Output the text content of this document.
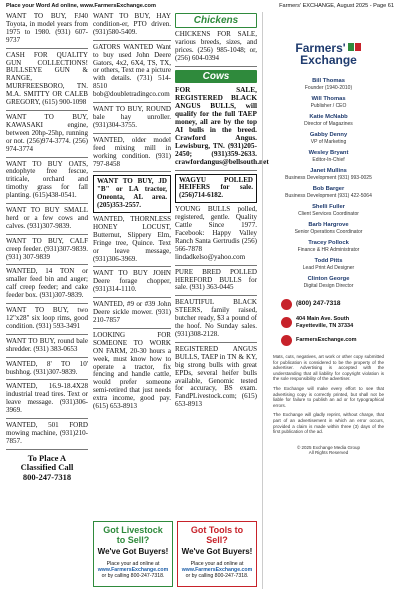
Place your Word Ad online, www.FarmersExchange.com	Farmers' EXCHANGE, August 2025 - Page 61
WANT TO BUY, FJ40 Toyota, in model years from 1975 to 1980. (931) 607-9737
CASH FOR QUALITY GUN COLLECTIONS! BULLSEYE GUN & RANGE, MURFREESBORO, TN. M.A. SMITTY OR CALEB GREGORY, (615) 900-1098
WANT TO BUY, KAWASAKI engine, between 20hp-25hp, running or not. (256)974-3774. (256) 974-3774
WANT TO BUY OATS, endophyte free fescue, triticale, orchard and timothy grass for fall planting. (615)438-0541.
WANT TO BUY SMALL herd or a few cows and calves. (931)307-9839.
WANT TO BUY, CALF creep feeder. (931)307-9839. (931) 307-9839
WANTED, 14 TON or smaller feed bin and auger; calf creep feeder; and cake feeder box. (931)307-9839.
WANT TO BUY, two 12"x28" six loop rims, good condition. (931) 593-3491
WANT TO BUY, round bale shredder. (931) 383-0653
WANTED, 8' TO 10' bushhog. (931)307-9839.
WANTED, 16.9-18.4X28 industrial tread tires. Text or leave message. (931)306-3969.
WANTED, 501 FORD mowing machine, (931)210-7857.
To Place A
Classified Call
800-247-7318
WANT TO BUY, HAY condition-er, PTO driven. (931)580-5409.
GATORS WANTED Want to buy used John Deere Gators, 4x2, 6X4, TS, TX, or others, Text me a picture with details. (731) 514-8510 bob@doubletradingco.com
WANT TO BUY, ROUND bale hay unroller. (931)304-3755.
WANTED, older model feed mixing mill in working condition. (931) 797-8458
WANT TO BUY, JD "B" or LA tractor, Oneonta, AL area. (205)353-2557.
WANTED, THORNLESS HONEY LOCUST, Butternut, Slippery Elm, Fringe tree, Quince. Text or leave message, (931)306-3969.
WANT TO BUY JOHN Deere forage chopper, (931)314-1110.
WANTED, #9 or #39 John Deere sickle mower. (931) 210-7857
LOOKING FOR SOMEONE TO WORK ON FARM, 20-30 hours a week, must know how to operate a tractor, fix fencing and handle cattle, would prefer someone semi-retired that just needs extra income, good pay. (615) 653-8913
Chickens
CHICKENS FOR SALE, various breeds, sizes, and prices. (256) 985-1048; or, (256) 604-0394
Cows
FOR SALE, REGISTERED BLACK ANGUS BULLS, will qualify for the full TAEP money, all are by the top AI bulls in the breed. Crawford Angus. Lewisburg, TN. (931)205-2450; (931)359-2633. crawfordangus@bellsouth.net
WAGYU POLLED HEIFERS for sale. (256)714-6182.
YOUNG BULLS polled, registered, gentle. Quality Cattle Since 1977. Facebook: Happy Valley Ranch Santa Gertrudis (256) 566-7878 lindadkelso@yahoo.com
PURE BRED POLLED HEREFORD BULLS for sale. (931) 363-0445
BEAUTIFUL BLACK STEERS, family raised, butcher ready, $3 a pound of the hoof. No Sunday sales. (931)308-2128.
REGISTERED ANGUS BULLS, TAEP in TN & KY, big strong bulls with great EPDs, several heifer bulls available, Genomic tested for accuracy, BS exam. FandPLivestock.com; (615) 653-8913
Got Livestock
to Sell?
We've Got Buyers!
Place your ad online at
www.FarmersExchange.com
or by calling 800-247-7318.
Got Tools to Sell?
We've Got Buyers!
Place your ad online at
www.FarmersExchange.com
or by calling 800-247-7318.
Farmers'
Exchange
Bill Thomas
Founder (1940-2010)
Will Thomas
Publisher / CEO
Katie McNabb
Director of Magazines
Gabby Denny
VP of Marketing
Wesley Bryant
Editor-In-Chief
Janet Mullins
Business Development (931) 993-0025
Bob Barger
Business Development (931) 422-5064
Shelli Fuller
Client Services Coordinator
Barb Hargrove
Senior Operations Coordinator
Tracey Pollock
Finance & HR Administrator
Todd Pitts
Lead Print Ad Designer
Clinton George
Digital Design Director
(800) 247-7318
404 Main Ave. South
Fayetteville, TN 37334
FarmersExchange.com

Mats, cuts, negatives, art work or other copy submitted for publication is considered to be the property of the advertiser. Advertising is accepted with the understanding that all liability for copyright violation is the sole responsibility of the advertiser.

The Exchange will make every effort to see that advertising copy is correctly printed, but shall not be liable for failure to publish an ad or for typographical errors.

The Exchange will gladly reprint, without charge, that part of an advertisement in which an error occurs, provided a claim is made within three (3) days of the first publication of the ad.

© 2025 Exchange Media Group
All Rights Reserved
